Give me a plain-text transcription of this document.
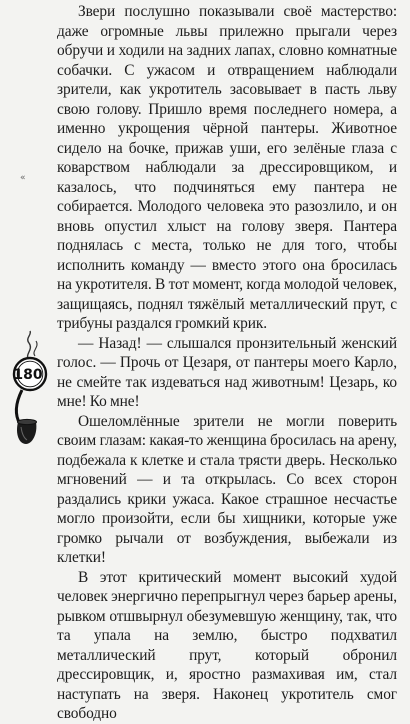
Звери послушно показывали своё мастерство: даже огромные львы прилежно прыгали через обручи и ходили на задних лапах, словно комнатные собачки. С ужасом и отвращением наблюдали зрители, как укротитель засовывает в пасть льву свою голову. Пришло время последнего номера, а именно укрощения чёрной пантеры. Животное сидело на бочке, прижав уши, его зелёные глаза с коварством наблюдали за дрессировщиком, и казалось, что подчиняться ему пантера не собирается. Молодого человека это разозлило, и он вновь опустил хлыст на голову зверя. Пантера поднялась с места, только не для того, чтобы исполнить команду — вместо этого она бросилась на укротителя. В тот момент, когда молодой человек, защищаясь, поднял тяжёлый металлический прут, с трибуны раздался громкий крик.

— Назад! — слышался пронзительный женский голос. — Прочь от Цезаря, от пантеры моего Карло, не смейте так издеваться над животным! Цезарь, ко мне! Ко мне!

Ошеломлённые зрители не могли поверить своим глазам: какая-то женщина бросилась на арену, подбежала к клетке и стала трясти дверь. Несколько мгновений — и та открылась. Со всех сторон раздались крики ужаса. Какое страшное несчастье могло произойти, если бы хищники, которые уже громко рычали от возбуждения, выбежали из клетки!

В этот критический момент высокий худой человек энергично перепрыгнул через барьер арены, рывком отшвырнул обезумевшую женщину, так, что та упала на землю, быстро подхватил металлический прут, который обронил дрессировщик, и, яростно размахивая им, стал наступать на зверя. Наконец укротитель смог свободно

«
180
